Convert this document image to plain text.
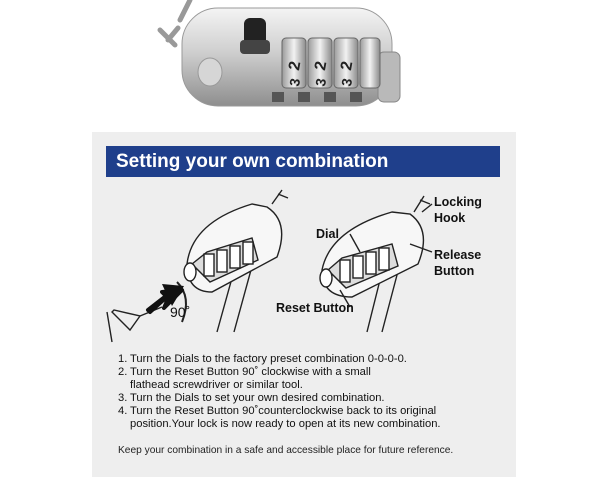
2
3
2
3
2
3
Setting your own combination
90˚
Dial
Locking
Hook
Release
Button
Reset Button
1. Turn the Dials to the factory preset combination 0-0-0-0.
2. Turn the Reset Button 90˚ clockwise with a small
flathead screwdriver or similar tool.
3. Turn the Dials to set your own desired combination.
4. Turn the Reset Button 90˚counterclockwise back to its original
position.Your lock is now ready to open at its new combination.
Keep your combination in a safe and accessible place for future reference.
